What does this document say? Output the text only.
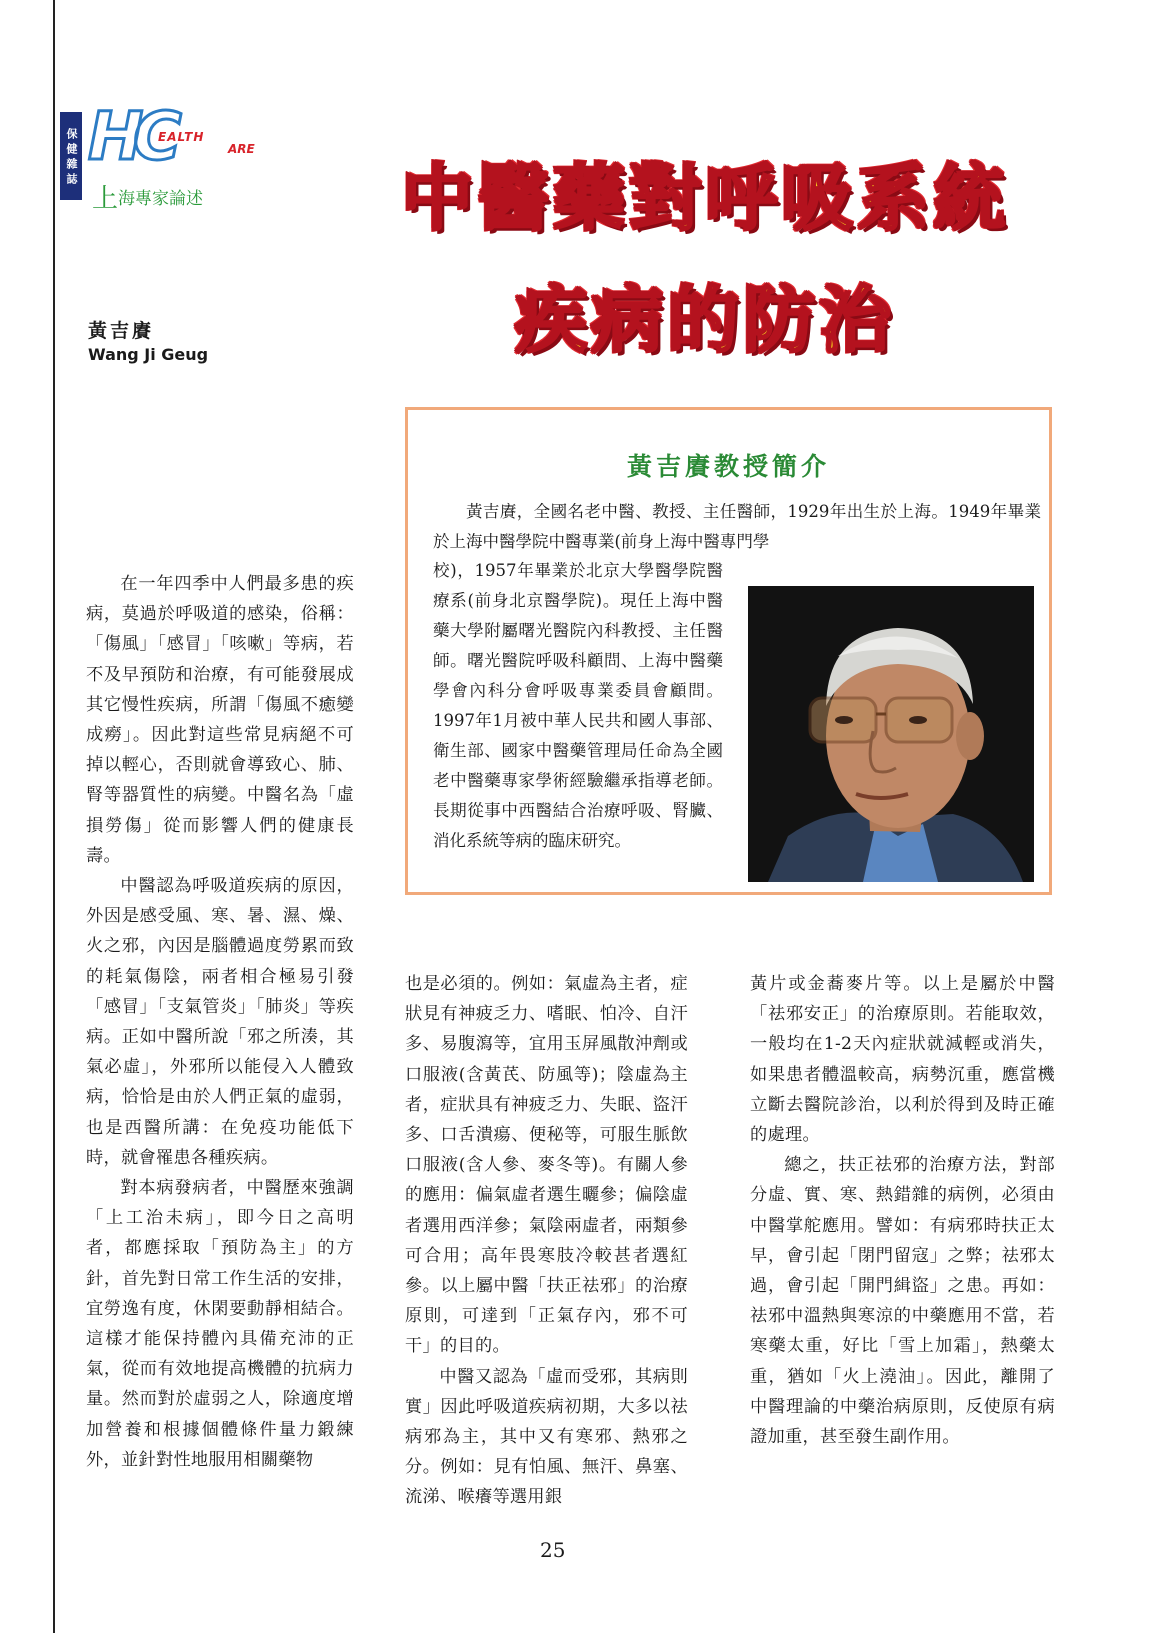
保健雜誌 HC
EALTH
ARE
上海專家論述	中醫藥對呼吸系統
疾病的防治
黃吉賡
Wang Ji Geug
黃吉賡教授簡介

黃吉賡，全國名老中醫、教授、主任醫師，1929年出生於上海。1949年畢業於上海中醫學院中醫專業(前身上海中醫專門學

校)，1957年畢業於北京大學醫學院醫療系(前身北京醫學院)。現任上海中醫藥大學附屬曙光醫院內科教授、主任醫師。曙光醫院呼吸科顧問、上海中醫藥學會內科分會呼吸專業委員會顧問。1997年1月被中華人民共和國人事部、衛生部、國家中醫藥管理局任命為全國老中醫藥專家學術經驗繼承指導老師。長期從事中西醫結合治療呼吸、腎臟、消化系統等病的臨床研究。

在一年四季中人們最多患的疾病，莫過於呼吸道的感染，俗稱：「傷風」「感冒」「咳嗽」等病，若不及早預防和治療，有可能發展成其它慢性疾病，所謂「傷風不癒變成癆」。因此對這些常見病絕不可掉以輕心，否則就會導致心、肺、腎等器質性的病變。中醫名為「虛損勞傷」從而影響人們的健康長壽。

中醫認為呼吸道疾病的原因，外因是感受風、寒、暑、濕、燥、火之邪，內因是腦體過度勞累而致的耗氣傷陰，兩者相合極易引發「感冒」「支氣管炎」「肺炎」等疾病。正如中醫所說「邪之所湊，其氣必虛」，外邪所以能侵入人體致病，恰恰是由於人們正氣的虛弱，也是西醫所講：在免疫功能低下時，就會罹患各種疾病。

對本病發病者，中醫歷來強調「上工治未病」，即今日之高明者，都應採取「預防為主」的方針，首先對日常工作生活的安排，宜勞逸有度，休閑要動靜相結合。這樣才能保持體內具備充沛的正氣，從而有效地提高機體的抗病力量。然而對於虛弱之人，除適度增加營養和根據個體條件量力鍛練外，並針對性地服用相關藥物

也是必須的。例如：氣虛為主者，症狀見有神疲乏力、嗜眠、怕冷、自汗多、易腹瀉等，宜用玉屏風散沖劑或口服液(含黃芪、防風等)；陰虛為主者，症狀具有神疲乏力、失眠、盜汗多、口舌潰瘍、便秘等，可服生脈飲口服液(含人參、麥冬等)。有關人參的應用：偏氣虛者選生曬參；偏陰虛者選用西洋參；氣陰兩虛者，兩類參可合用；高年畏寒肢冷較甚者選紅參。以上屬中醫「扶正祛邪」的治療原則，可達到「正氣存內，邪不可干」的目的。

中醫又認為「虛而受邪，其病則實」因此呼吸道疾病初期，大多以祛病邪為主，其中又有寒邪、熱邪之分。例如：見有怕風、無汗、鼻塞、流涕、喉癢等選用銀

黃片或金蕎麥片等。以上是屬於中醫「祛邪安正」的治療原則。若能取效，一般均在1-2天內症狀就減輕或消失，如果患者體溫較高，病勢沉重，應當機立斷去醫院診治，以利於得到及時正確的處理。

總之，扶正祛邪的治療方法，對部分虛、實、寒、熱錯雜的病例，必須由中醫掌舵應用。譬如：有病邪時扶正太早，會引起「閉門留寇」之弊；祛邪太過，會引起「開門緝盜」之患。再如：祛邪中溫熱與寒涼的中藥應用不當，若寒藥太重，好比「雪上加霜」，熱藥太重，猶如「火上澆油」。因此，離開了中醫理論的中藥治病原則，反使原有病證加重，甚至發生副作用。

25
